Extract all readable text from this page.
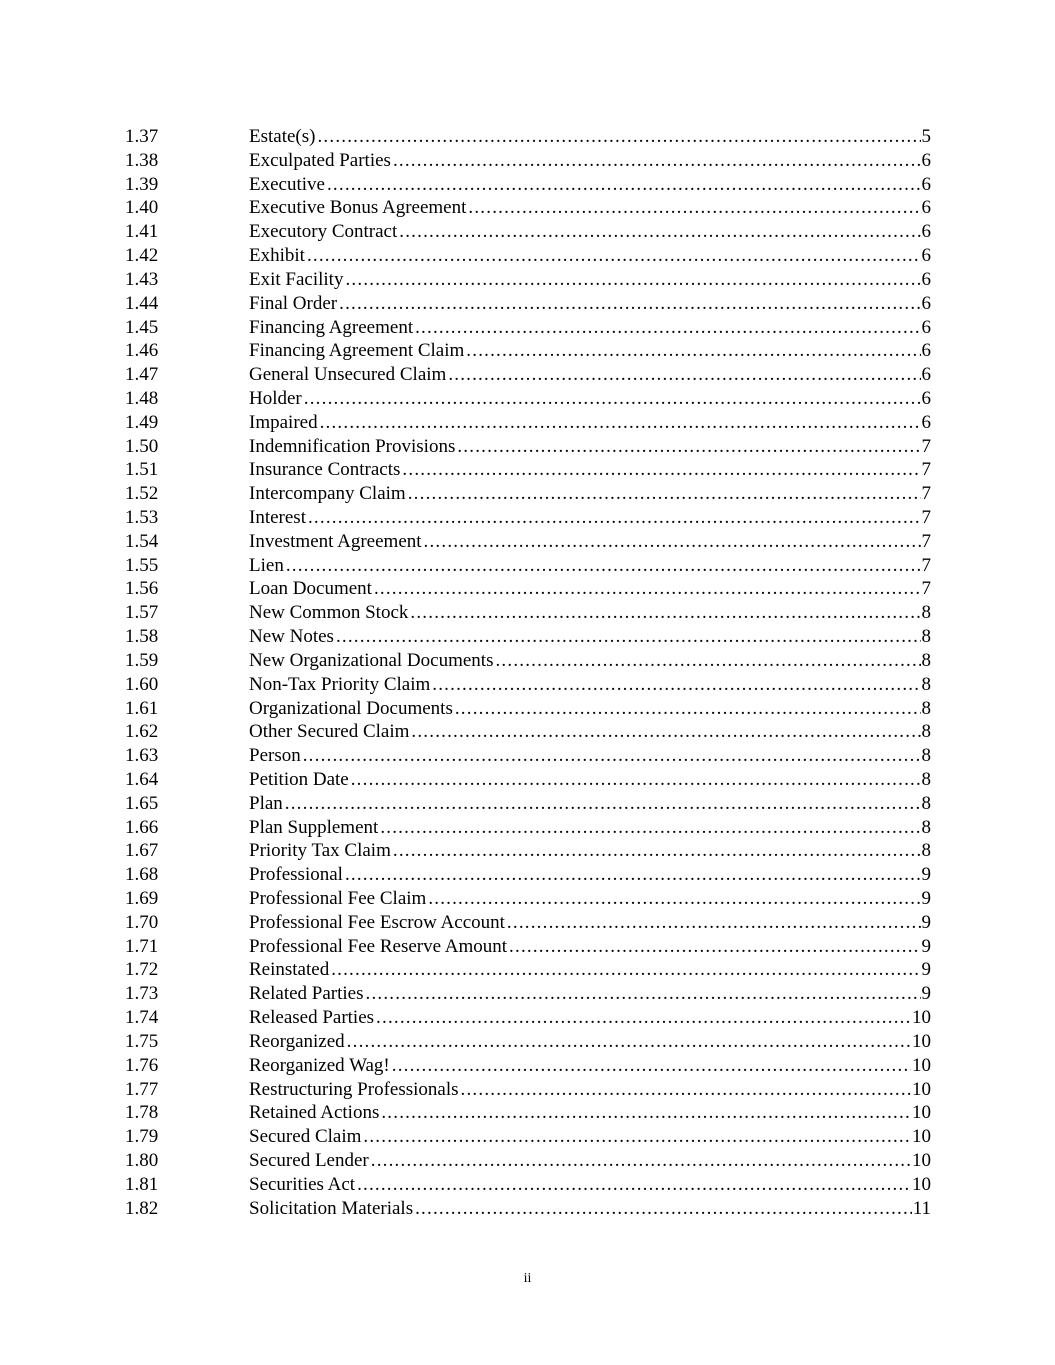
1.37	Estate(s) .....	5
1.38	Exculpated Parties .....	6
1.39	Executive .....	6
1.40	Executive Bonus Agreement .....	6
1.41	Executory Contract .....	6
1.42	Exhibit .....	6
1.43	Exit Facility .....	6
1.44	Final Order .....	6
1.45	Financing Agreement .....	6
1.46	Financing Agreement Claim .....	6
1.47	General Unsecured Claim .....	6
1.48	Holder .....	6
1.49	Impaired .....	6
1.50	Indemnification Provisions .....	7
1.51	Insurance Contracts .....	7
1.52	Intercompany Claim .....	7
1.53	Interest .....	7
1.54	Investment Agreement .....	7
1.55	Lien .....	7
1.56	Loan Document .....	7
1.57	New Common Stock .....	8
1.58	New Notes .....	8
1.59	New Organizational Documents .....	8
1.60	Non-Tax Priority Claim .....	8
1.61	Organizational Documents .....	8
1.62	Other Secured Claim .....	8
1.63	Person .....	8
1.64	Petition Date .....	8
1.65	Plan .....	8
1.66	Plan Supplement .....	8
1.67	Priority Tax Claim .....	8
1.68	Professional .....	9
1.69	Professional Fee Claim .....	9
1.70	Professional Fee Escrow Account .....	9
1.71	Professional Fee Reserve Amount .....	9
1.72	Reinstated .....	9
1.73	Related Parties .....	9
1.74	Released Parties .....	10
1.75	Reorganized .....	10
1.76	Reorganized Wag! .....	10
1.77	Restructuring Professionals .....	10
1.78	Retained Actions .....	10
1.79	Secured Claim .....	10
1.80	Secured Lender .....	10
1.81	Securities Act .....	10
1.82	Solicitation Materials .....	11
ii
